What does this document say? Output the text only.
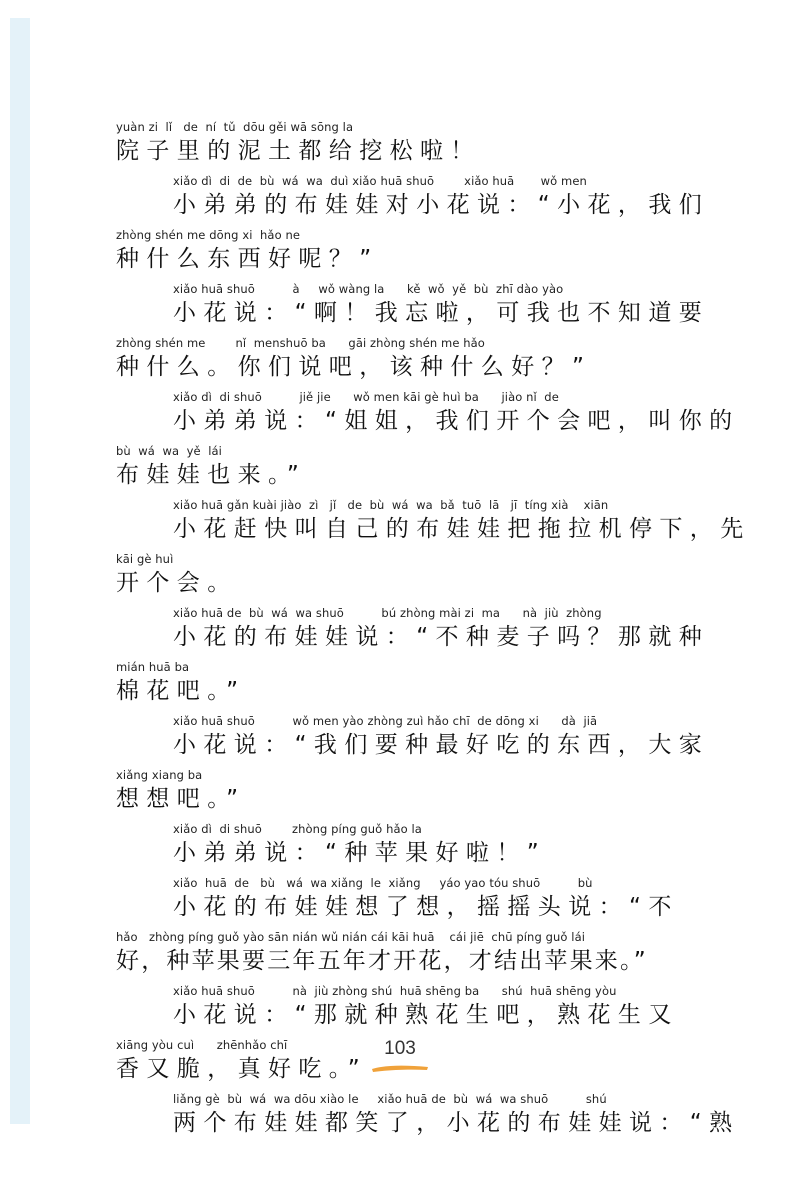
yuàn zi  lǐ   de  ní  tǔ  dōu gěi wā sōng la
院子里的泥土都给挖松啦！
xiǎo dì  di  de  bù  wá  wa  duì xiǎo huā shuō        xiǎo huā       wǒ men
小弟弟的布娃娃对小花说：“小花，我们
zhòng shén me dōng xi  hǎo ne
种什么东西好呢？”
xiǎo huā shuō          à     wǒ wàng la      kě  wǒ  yě  bù  zhī dào yào
小花说：“啊！我忘啦，可我也不知道要
zhòng shén me        nǐ  menshuō ba      gāi zhòng shén me hǎo
种什么。你们说吧，该种什么好？”
xiǎo dì  di shuō          jiě jie      wǒ men kāi gè huì ba      jiào nǐ  de
小弟弟说：“姐姐，我们开个会吧，叫你的
bù  wá  wa  yě  lái
布娃娃也来。”
xiǎo huā gǎn kuài jiào  zì   jǐ   de  bù  wá  wa  bǎ  tuō  lā   jī  tíng xià    xiān
小花赶快叫自己的布娃娃把拖拉机停下，先
kāi gè huì
开个会。
xiǎo huā de  bù  wá  wa shuō          bú zhòng mài zi  ma      nà  jiù  zhòng
小花的布娃娃说：“不种麦子吗？那就种
mián huā ba
棉花吧。”
xiǎo huā shuō          wǒ men yào zhòng zuì hǎo chī  de dōng xi      dà  jiā
小花说：“我们要种最好吃的东西，大家
xiǎng xiang ba
想想吧。”
xiǎo dì  di shuō        zhòng píng guǒ hǎo la
小弟弟说：“种苹果好啦！”
xiǎo  huā  de   bù   wá  wa xiǎng  le  xiǎng     yáo yao tóu shuō          bù
小花的布娃娃想了想，摇摇头说：“不
hǎo   zhòng píng guǒ yào sān nián wǔ nián cái kāi huā    cái jiē  chū píng guǒ lái
好，种苹果要三年五年才开花，才结出苹果来。”
xiǎo huā shuō          nà  jiù zhòng shú  huā shēng ba      shú  huā shēng yòu
小花说：“那就种熟花生吧，熟花生又
xiāng yòu cuì      zhēnhǎo chī
香又脆，真好吃。”
liǎng gè  bù  wá  wa dōu xiào le     xiǎo huā de  bù  wá  wa shuō          shú
两个布娃娃都笑了，小花的布娃娃说：“熟
103
